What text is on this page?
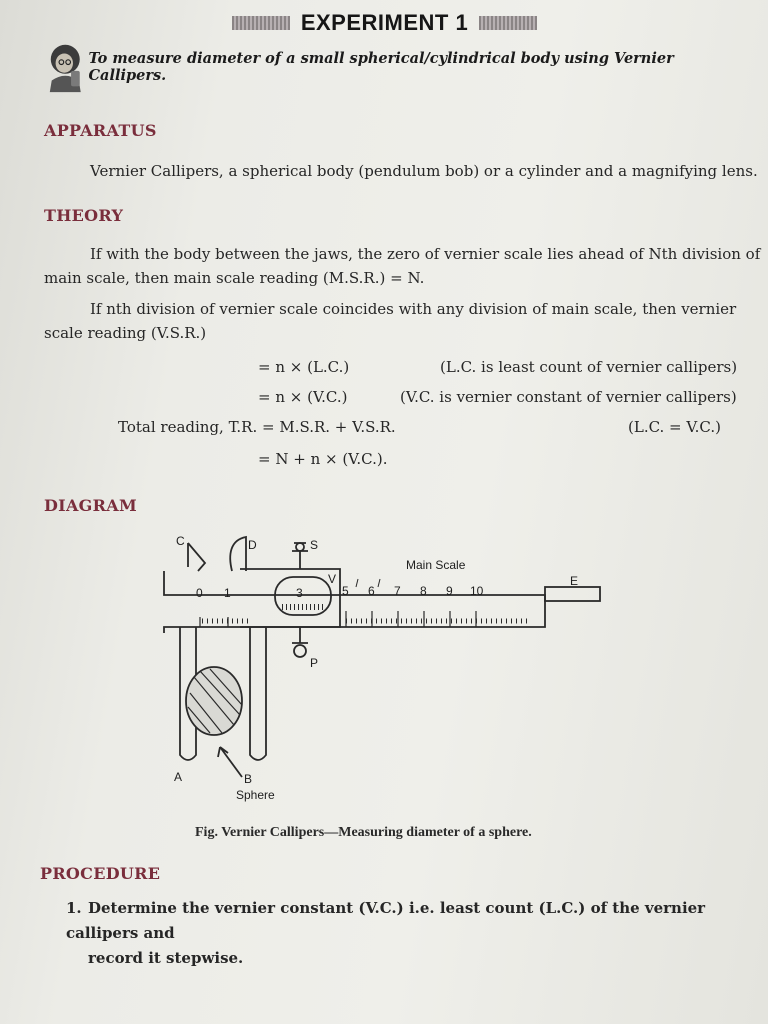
EXPERIMENT 1
To measure diameter of a small spherical/cylindrical body using Vernier Callipers.
APPARATUS
Vernier Callipers, a spherical body (pendulum bob) or a cylinder and a magnifying lens.
THEORY
If with the body between the jaws, the zero of vernier scale lies ahead of Nth division of
main scale, then main scale reading (M.S.R.) = N.
If nth division of vernier scale coincides with any division of main scale, then vernier
scale reading (V.S.R.)
= n × (L.C.)	(L.C. is least count of vernier callipers)
= n × (V.C.)	(V.C. is vernier constant of vernier callipers)
Total reading, T.R. = M.S.R. + V.S.R.	(L.C. = V.C.)
= N + n × (V.C.).
DIAGRAM
C	D	S
V
P
E
A	B
Sphere
Main Scale
3
0 1	5 6 7 8 9 10
Fig. Vernier Callipers—Measuring diameter of a sphere.
PROCEDURE
1. Determine the vernier constant (V.C.) i.e. least count (L.C.) of the vernier callipers and
record it stepwise.
